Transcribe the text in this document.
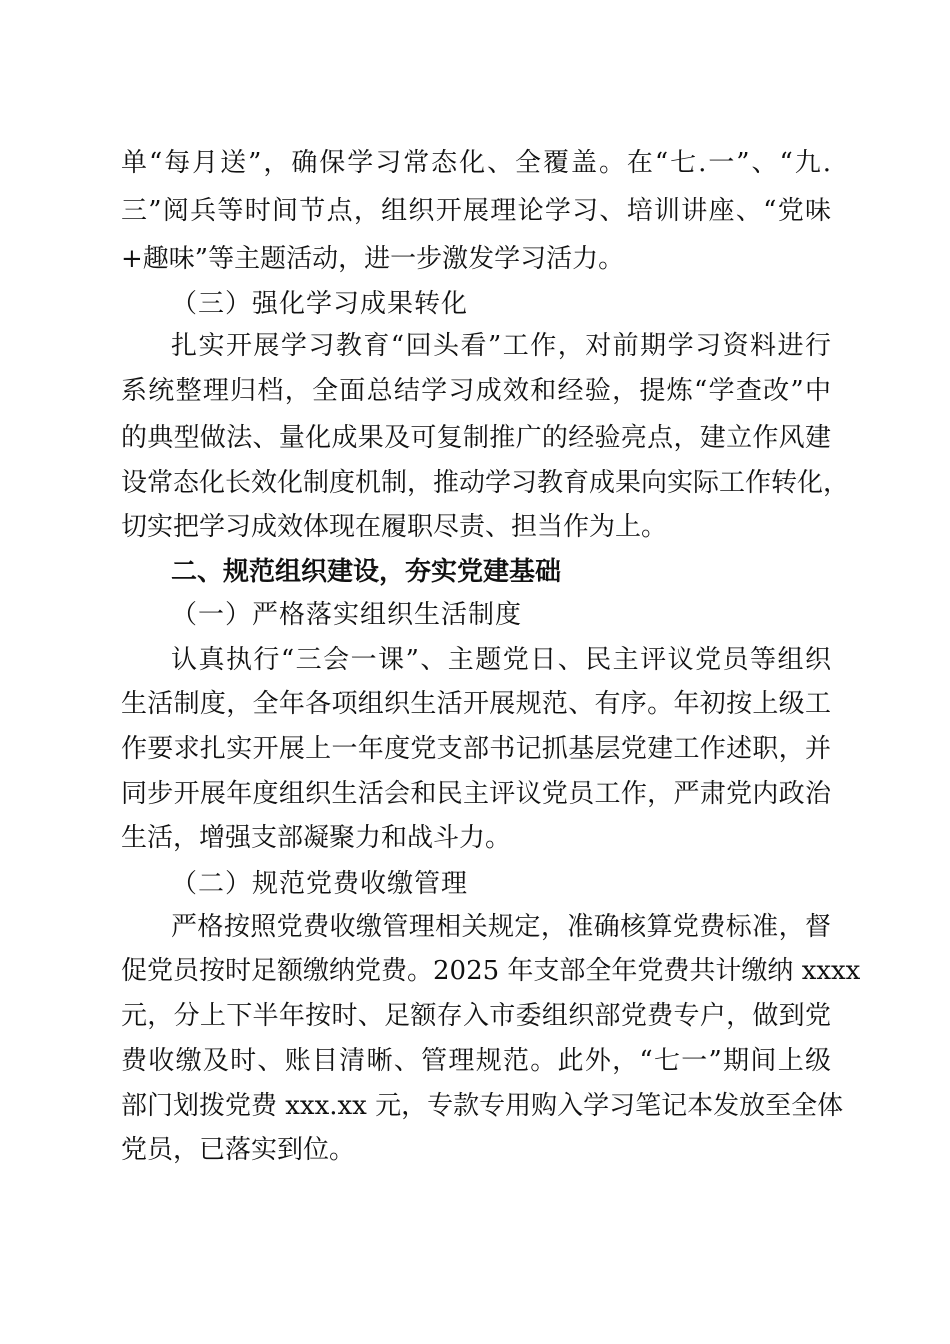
单“每月送”，确保学习常态化、全覆盖。在“七.一”、“九.

三”阅兵等时间节点，组织开展理论学习、培训讲座、“党味

+趣味”等主题活动，进一步激发学习活力。

（三）强化学习成果转化

扎实开展学习教育“回头看”工作，对前期学习资料进行

系统整理归档，全面总结学习成效和经验，提炼“学查改”中

的典型做法、量化成果及可复制推广的经验亮点，建立作风建

设常态化长效化制度机制，推动学习教育成果向实际工作转化，

切实把学习成效体现在履职尽责、担当作为上。

二、规范组织建设，夯实党建基础

（一）严格落实组织生活制度

认真执行“三会一课”、主题党日、民主评议党员等组织

生活制度，全年各项组织生活开展规范、有序。年初按上级工

作要求扎实开展上一年度党支部书记抓基层党建工作述职，并

同步开展年度组织生活会和民主评议党员工作，严肃党内政治

生活，增强支部凝聚力和战斗力。

（二）规范党费收缴管理

严格按照党费收缴管理相关规定，准确核算党费标准，督

促党员按时足额缴纳党费。2025 年支部全年党费共计缴纳 xxxx

元，分上下半年按时、足额存入市委组织部党费专户，做到党

费收缴及时、账目清晰、管理规范。此外，“七一”期间上级

部门划拨党费 xxx.xx 元，专款专用购入学习笔记本发放至全体

党员，已落实到位。
